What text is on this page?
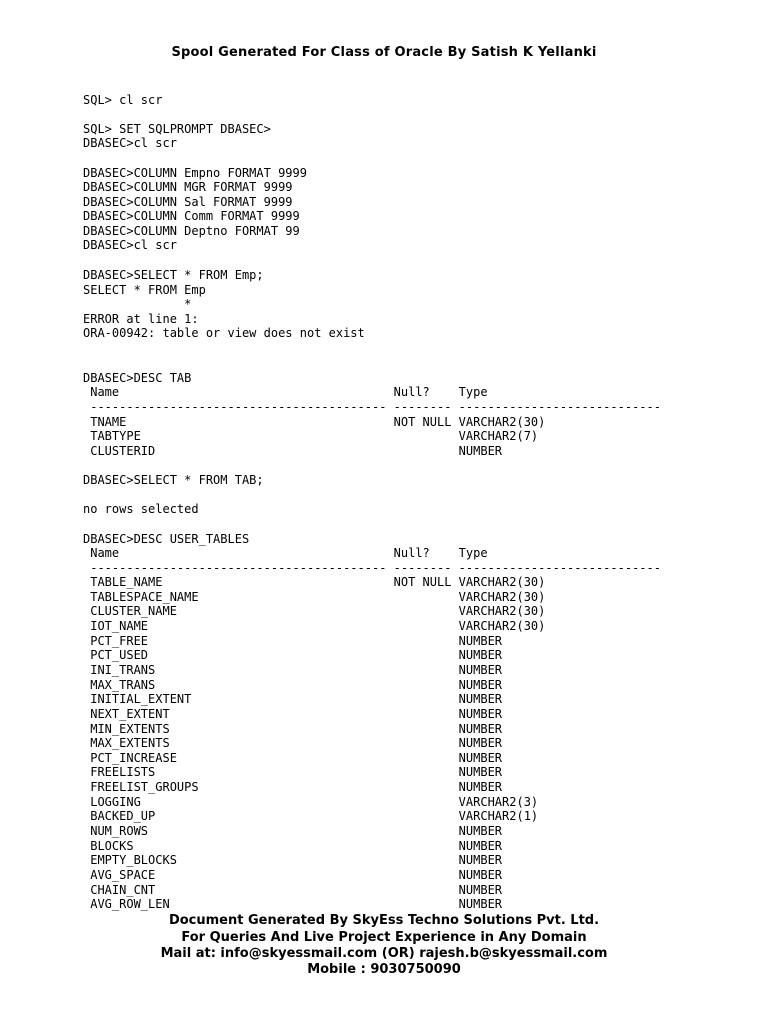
Spool Generated For Class of Oracle By Satish K Yellanki
SQL> cl scr
SQL> SET SQLPROMPT DBASEC>
DBASEC>cl scr
DBASEC>COLUMN Empno FORMAT 9999
DBASEC>COLUMN MGR FORMAT 9999
DBASEC>COLUMN Sal FORMAT 9999
DBASEC>COLUMN Comm FORMAT 9999
DBASEC>COLUMN Deptno FORMAT 99
DBASEC>cl scr
DBASEC>SELECT * FROM Emp;
SELECT * FROM Emp
*
ERROR at line 1:
ORA-00942: table or view does not exist
DBASEC>DESC TAB
Name                                      Null?    Type
----------------------------------------- -------- ----------------------------
TNAME                                     NOT NULL VARCHAR2(30)
TABTYPE                                            VARCHAR2(7)
CLUSTERID                                          NUMBER
DBASEC>SELECT * FROM TAB;
no rows selected
DBASEC>DESC USER_TABLES
Name                                      Null?    Type
----------------------------------------- -------- ----------------------------
TABLE_NAME                                NOT NULL VARCHAR2(30)
TABLESPACE_NAME                                    VARCHAR2(30)
CLUSTER_NAME                                       VARCHAR2(30)
IOT_NAME                                           VARCHAR2(30)
PCT_FREE                                           NUMBER
PCT_USED                                           NUMBER
INI_TRANS                                          NUMBER
MAX_TRANS                                          NUMBER
INITIAL_EXTENT                                     NUMBER
NEXT_EXTENT                                        NUMBER
MIN_EXTENTS                                        NUMBER
MAX_EXTENTS                                        NUMBER
PCT_INCREASE                                       NUMBER
FREELISTS                                          NUMBER
FREELIST_GROUPS                                    NUMBER
LOGGING                                            VARCHAR2(3)
BACKED_UP                                          VARCHAR2(1)
NUM_ROWS                                           NUMBER
BLOCKS                                             NUMBER
EMPTY_BLOCKS                                       NUMBER
AVG_SPACE                                          NUMBER
CHAIN_CNT                                          NUMBER
AVG_ROW_LEN                                        NUMBER
Document Generated By SkyEss Techno Solutions Pvt. Ltd.
For Queries And Live Project Experience in Any Domain
Mail at: info@skyessmail.com (OR) rajesh.b@skyessmail.com
Mobile : 9030750090
